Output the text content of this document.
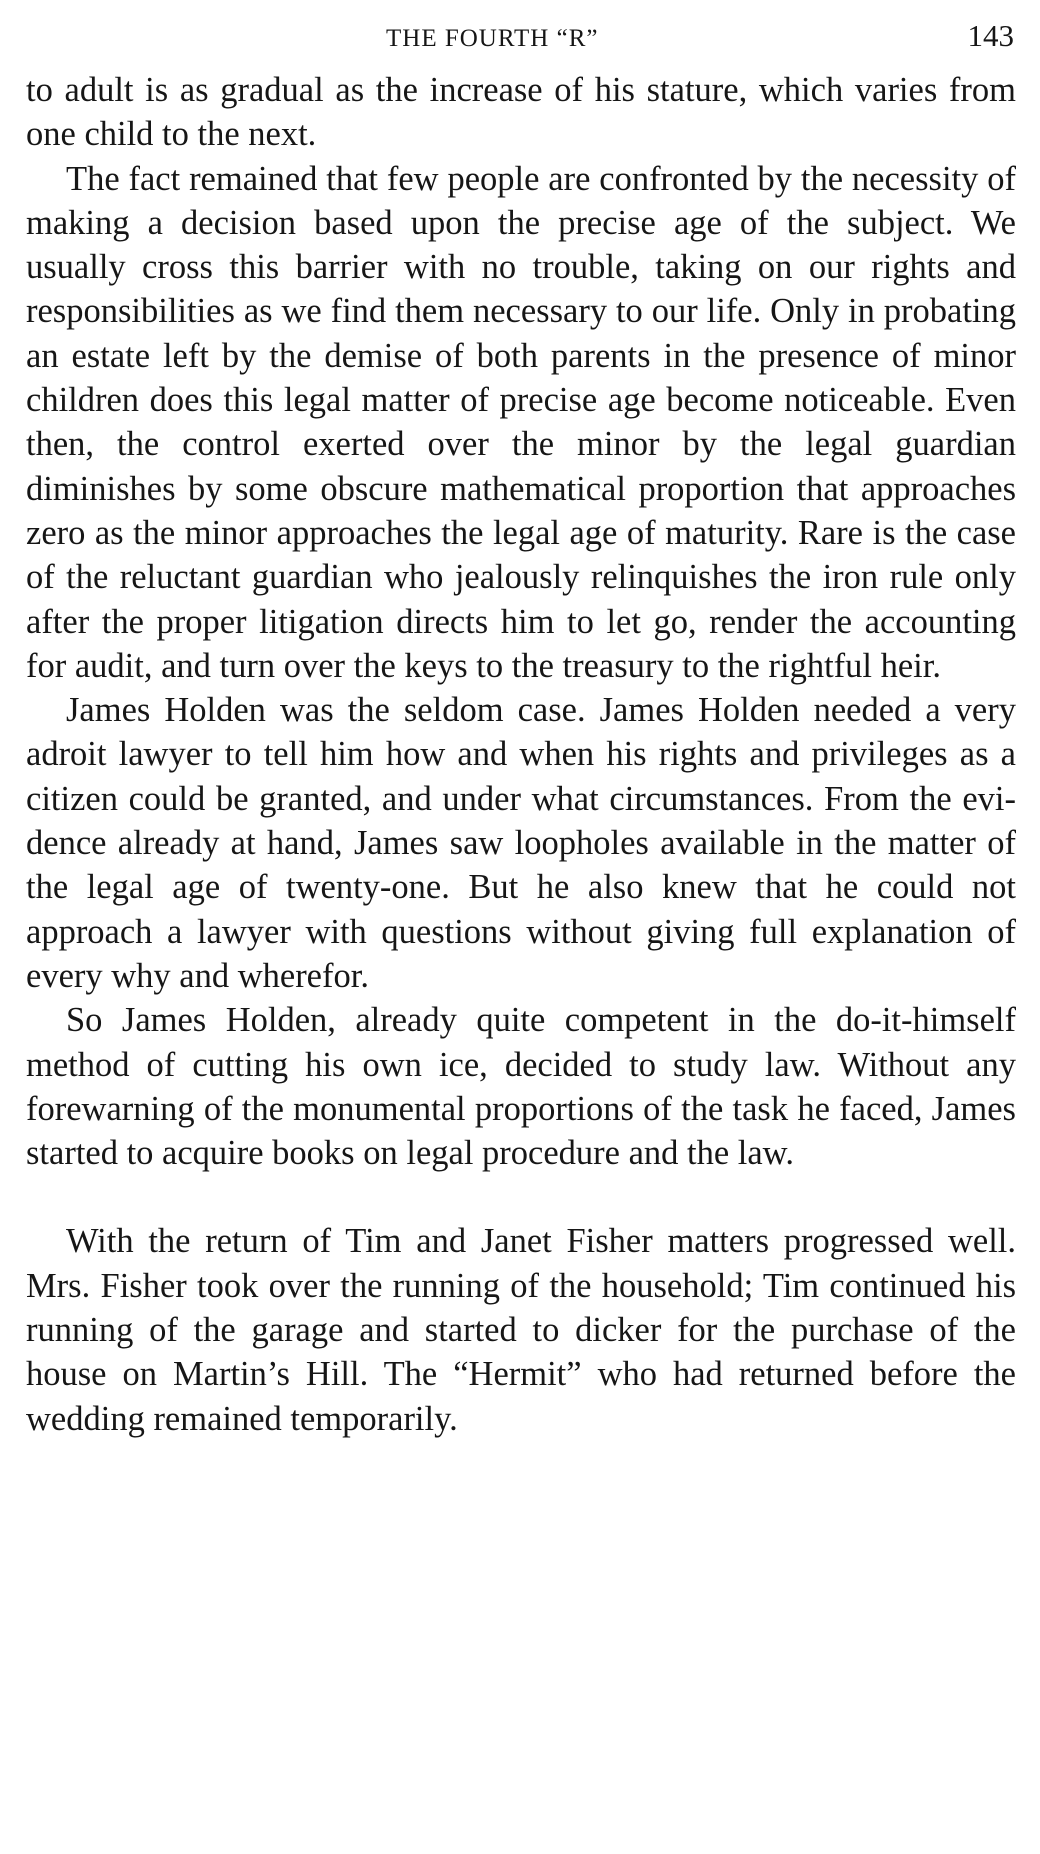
THE FOURTH “R”	143

to adult is as gradual as the increase of his stature, which varies from one child to the next.

The fact remained that few people are confronted by the necessity of making a decision based upon the precise age of the subject. We usually cross this barrier with no trouble, taking on our rights and responsibilities as we find them necessary to our life. Only in probating an estate left by the demise of both parents in the presence of minor children does this legal matter of precise age become noticeable. Even then, the control exerted over the minor by the legal guardian diminishes by some obscure mathematical proportion that approaches zero as the minor approaches the legal age of maturity. Rare is the case of the reluctant guardian who jealously relinquishes the iron rule only after the proper litigation directs him to let go, render the accounting for audit, and turn over the keys to the treasury to the rightful heir.

James Holden was the seldom case. James Holden needed a very adroit lawyer to tell him how and when his rights and privileges as a citizen could be granted, and under what circumstances. From the evidence already at hand, James saw loopholes available in the matter of the legal age of twenty-one. But he also knew that he could not approach a lawyer with questions without giving full explanation of every why and wherefor.

So James Holden, already quite competent in the do-it-himself method of cutting his own ice, decided to study law. Without any forewarning of the monumental proportions of the task he faced, James started to acquire books on legal procedure and the law.

With the return of Tim and Janet Fisher matters progressed well. Mrs. Fisher took over the running of the household; Tim continued his running of the garage and started to dicker for the purchase of the house on Martin’s Hill. The “Hermit” who had returned before the wedding remained temporarily.
